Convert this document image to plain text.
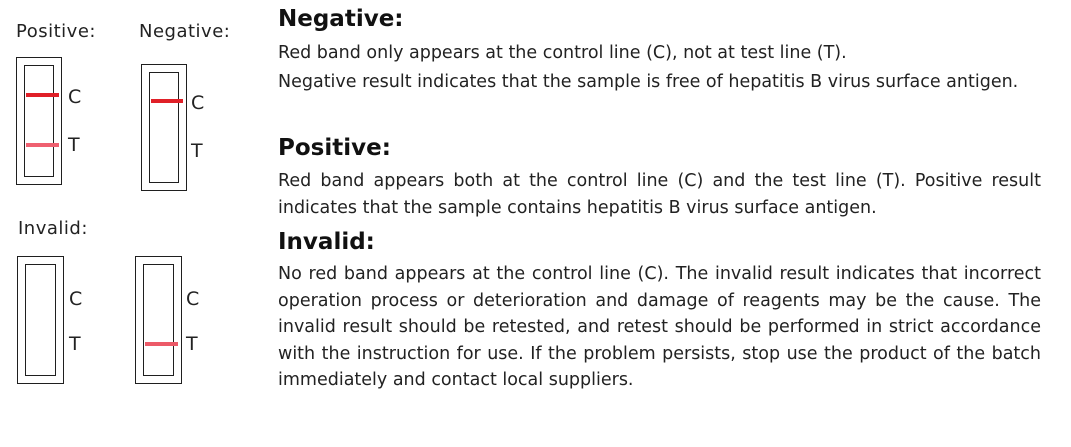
Positive: Negative:
Invalid:
C
T
C
T
C
T
C
T
Negative:
Red band only appears at the control line (C), not at test line (T).
Negative result indicates that the sample is free of hepatitis B virus surface antigen.
Positive:
Red band appears both at the control line (C) and the test line (T). Positive result indicates that the sample contains hepatitis B virus surface antigen.
Invalid:
No red band appears at the control line (C). The invalid result indicates that incorrect operation process or deterioration and damage of reagents may be the cause. The invalid result should be retested, and retest should be performed in strict accordance with the instruction for use. If the problem persists, stop use the product of the batch immediately and contact local suppliers.
